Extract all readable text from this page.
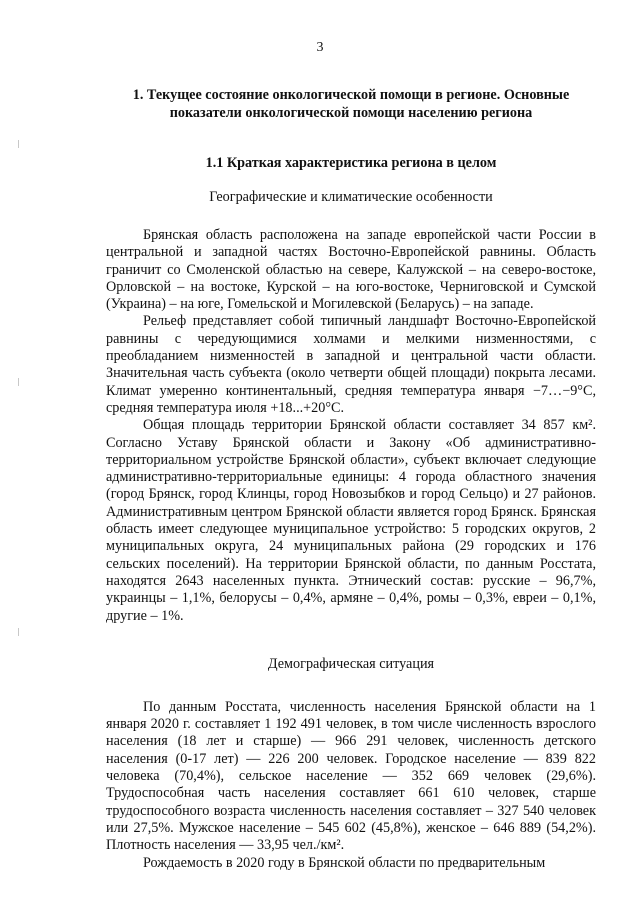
3

1. Текущее состояние онкологической помощи в регионе. Основные показатели онкологической помощи населению региона

1.1 Краткая характеристика региона в целом

Географические и климатические особенности

Брянская область расположена на западе европейской части России в центральной и западной частях Восточно-Европейской равнины. Область граничит со Смоленской областью на севере, Калужской – на северо-востоке, Орловской – на востоке, Курской – на юго-востоке, Черниговской и Сумской (Украина) – на юге, Гомельской и Могилевской (Беларусь) – на западе.

Рельеф представляет собой типичный ландшафт Восточно-Европейской равнины с чередующимися холмами и мелкими низменностями, с преобладанием низменностей в западной и центральной части области. Значительная часть субъекта (около четверти общей площади) покрыта лесами. Климат умеренно континентальный, средняя температура января −7…−9°C, средняя температура июля +18...+20°C.

Общая площадь территории Брянской области составляет 34 857 км². Согласно Уставу Брянской области и Закону «Об административно-территориальном устройстве Брянской области», субъект включает следующие административно-территориальные единицы: 4 города областного значения (город Брянск, город Клинцы, город Новозыбков и город Сельцо) и 27 районов. Административным центром Брянской области является город Брянск. Брянская область имеет следующее муниципальное устройство: 5 городских округов, 2 муниципальных округа, 24 муниципальных района (29 городских и 176 сельских поселений). На территории Брянской области, по данным Росстата, находятся 2643 населенных пункта. Этнический состав: русские – 96,7%, украинцы – 1,1%, белорусы – 0,4%, армяне – 0,4%, ромы – 0,3%, евреи – 0,1%, другие – 1%.

Демографическая ситуация

По данным Росстата, численность населения Брянской области на 1 января 2020 г. составляет 1 192 491 человек, в том числе численность взрослого населения (18 лет и старше) — 966 291 человек, численность детского населения (0-17 лет) — 226 200 человек. Городское население — 839 822 человека (70,4%), сельское население — 352 669 человек (29,6%). Трудоспособная часть населения составляет 661 610 человек, старше трудоспособного возраста численность населения составляет – 327 540 человек или 27,5%. Мужское население – 545 602 (45,8%), женское – 646 889 (54,2%). Плотность населения — 33,95 чел./км².

Рождаемость в 2020 году в Брянской области по предварительным
